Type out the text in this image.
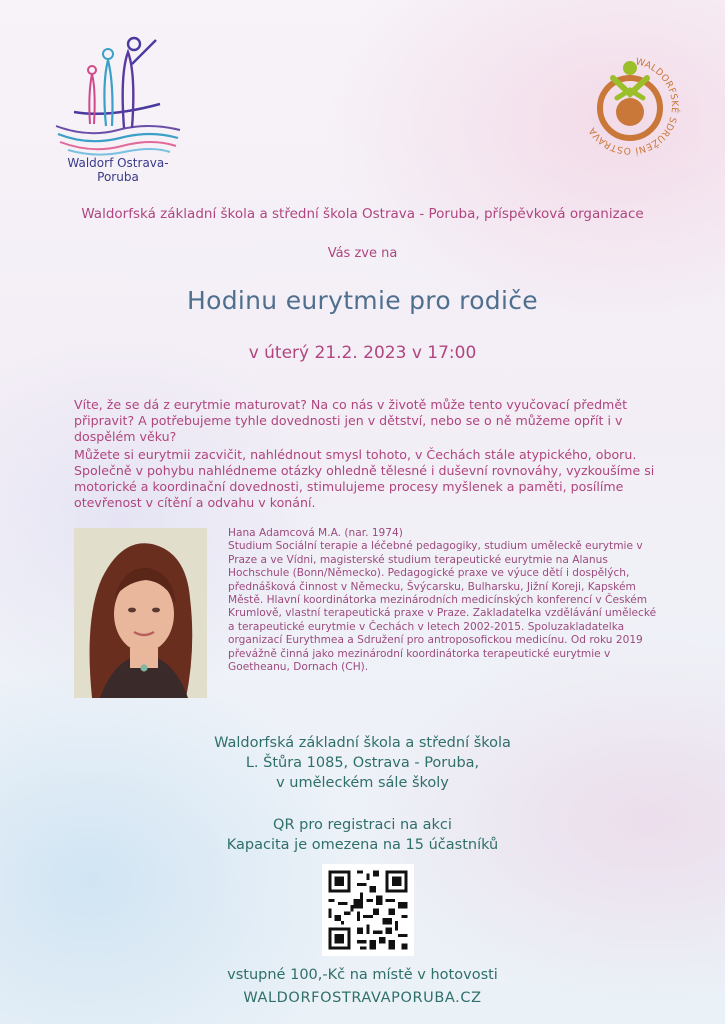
Waldorf Ostrava-Poruba
WALDORFSKÉ SDRUŽENÍ OSTRAVA
Waldorfská základní škola a střední škola Ostrava - Poruba, příspěvková organizace
Vás zve na
Hodinu eurytmie pro rodiče
v úterý 21.2. 2023 v 17:00
Víte, že se dá z eurytmie maturovat? Na co nás v životě může tento vyučovací předmět připravit? A potřebujeme tyhle dovednosti jen v dětství, nebo se o ně můžeme opřít i v dospělém věku?
Můžete si eurytmii zacvičit, nahlédnout smysl tohoto, v Čechách stále atypického, oboru. Společně v pohybu nahlédneme otázky ohledně tělesné i duševní rovnováhy, vyzkoušíme si motorické a koordinační dovednosti, stimulujeme procesy myšlenek a paměti, posílíme otevřenost v cítění a odvahu v konání.
Hana Adamcová M.A. (nar. 1974)
Studium Sociální terapie a léčebné pedagogiky, studium uměleckě eurytmie v Praze a ve Vídni, magisterské studium terapeutické eurytmie na Alanus Hochschule (Bonn/Německo). Pedagogické praxe ve výuce dětí i dospělých, přednášková činnost v Německu, Švýcarsku, Bulharsku, Jižní Koreji, Kapském Městě. Hlavní koordinátorka mezinárodních medicínských konferencí v Českém Krumlově, vlastní terapeutická praxe v Praze. Zakladatelka vzdělávání umělecké a terapeutické eurytmie v Čechách v letech 2002-2015. Spoluzakladatelka organizací Eurythmea a Sdružení pro antroposofickou medicínu. Od roku 2019 převážně činná jako mezinárodní koordinátorka terapeutické eurytmie v Goetheanu, Dornach (CH).
Waldorfská základní škola a střední škola
L. Štůra 1085, Ostrava - Poruba,
v uměleckém sále školy
QR pro registraci na akci
Kapacita je omezena na 15 účastníků
vstupné 100,-Kč na místě v hotovosti
WALDORFOSTRAVAPORUBA.CZ
